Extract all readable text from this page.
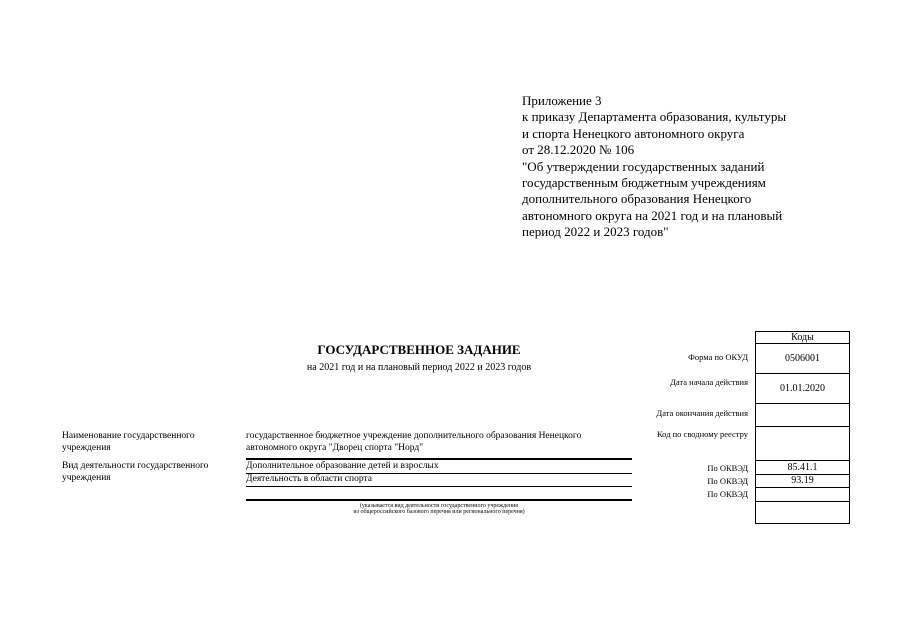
Приложение 3
к приказу Департамента образования, культуры
и спорта Ненецкого автономного округа
от 28.12.2020 № 106
"Об утверждении государственных заданий
государственным бюджетным учреждениям
дополнительного образования Ненецкого
автономного округа на 2021 год и на плановый
период 2022 и 2023 годов"
ГОСУДАРСТВЕННОЕ ЗАДАНИЕ
на 2021 год и на плановый период 2022 и 2023 годов
Наименование государственного
учреждения
государственное бюджетное учреждение дополнительного образования Ненецкого
автономного округа "Дворец спорта "Норд"
Вид деятельности государственного
учреждения
Дополнительное образование детей и взрослых
Деятельность в области спорта
(указывается вид деятельности государственного учреждения
из общероссийского базового перечня или регионального перечня)
Форма по ОКУД
Дата начала действия
Дата окончания действия
Код по сводному реестру
По ОКВЭД
По ОКВЭД
По ОКВЭД
Коды
0506001
01.01.2020
85.41.1
93.19
